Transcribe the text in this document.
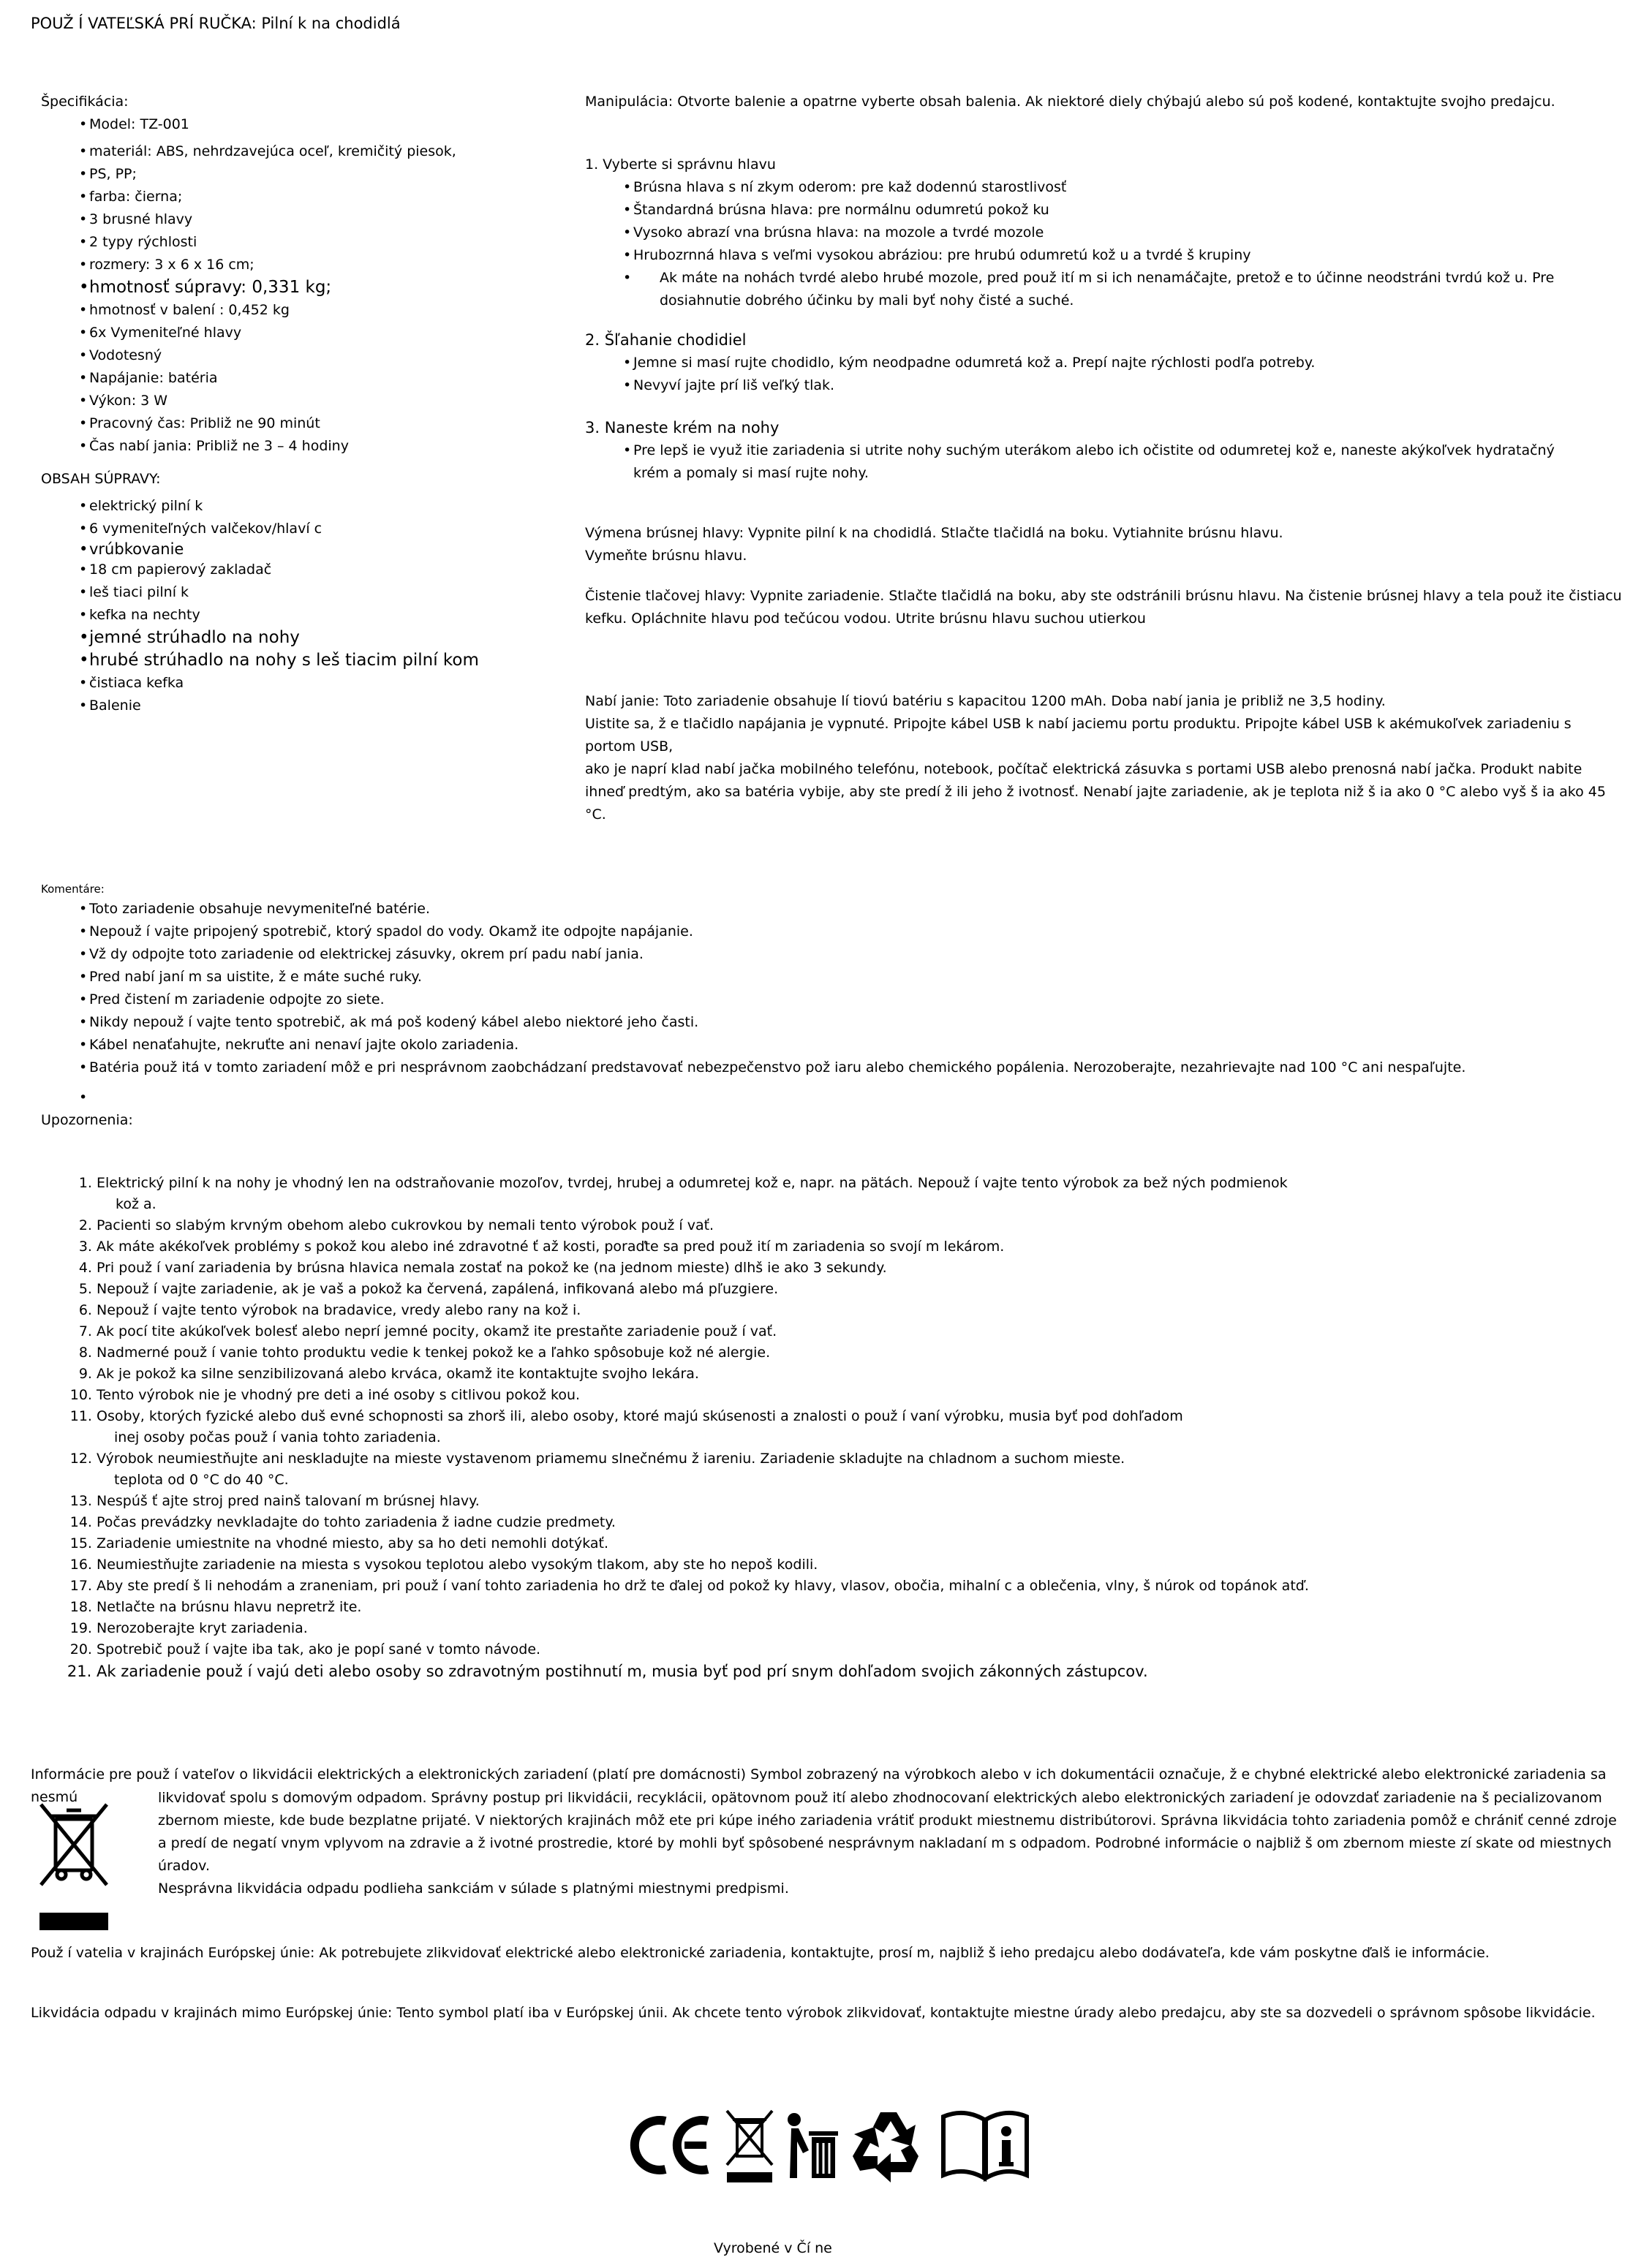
POUŽ Í VATEĽSKÁ PRÍ RUČKA: Pilní k na chodidlá
Špecifikácia:
• Model: TZ-001
• materiál: ABS, nehrdzavejúca oceľ, kremičitý piesok,
• PS, PP;
• farba: čierna;
• 3 brusné hlavy
• 2 typy rýchlosti
• rozmery: 3 x 6 x 16 cm;
• hmotnosť súpravy: 0,331 kg;
• hmotnosť v balení : 0,452 kg
• 6x Vymeniteľné hlavy
• Vodotesný
• Napájanie: batéria
• Výkon: 3 W
• Pracovný čas: Približ ne 90 minút
• Čas nabí jania: Približ ne 3 – 4 hodiny
OBSAH SÚPRAVY:
• elektrický pilní k
• 6 vymeniteľných valčekov/hlaví c
• vrúbkovanie
• 18 cm papierový zakladač
• leš tiaci pilní k
• kefka na nechty
• jemné strúhadlo na nohy
• hrubé strúhadlo na nohy s leš tiacim pilní kom
• čistiaca kefka
• Balenie
Manipulácia: Otvorte balenie a opatrne vyberte obsah balenia. Ak niektoré diely chýbajú alebo sú poš kodené, kontaktujte svojho predajcu.
1. Vyberte si správnu hlavu
• Brúsna hlava s ní zkym oderom: pre kaž dodennú starostlivosť
• Štandardná brúsna hlava: pre normálnu odumretú pokož ku
• Vysoko abrazí vna brúsna hlava: na mozole a tvrdé mozole
• Hrubozrnná hlava s veľmi vysokou abráziou: pre hrubú odumretú kož u a tvrdé š krupiny
• Ak máte na nohách tvrdé alebo hrubé mozole, pred použ ití m si ich nenamáčajte, pretož e to účinne neodstráni tvrdú kož u. Pre dosiahnutie dobrého účinku by mali byť nohy čisté a suché.
2. Šľahanie chodidiel
• Jemne si masí rujte chodidlo, kým neodpadne odumretá kož a. Prepí najte rýchlosti podľa potreby.
• Nevyví jajte prí liš veľký tlak.
3. Naneste krém na nohy
• Pre lepš ie využ itie zariadenia si utrite nohy suchým uterákom alebo ich očistite od odumretej kož e, naneste akýkoľvek hydratačný krém a pomaly si masí rujte nohy.
Výmena brúsnej hlavy: Vypnite pilní k na chodidlá. Stlačte tlačidlá na boku. Vytiahnite brúsnu hlavu.
Vymeňte brúsnu hlavu.
Čistenie tlačovej hlavy: Vypnite zariadenie. Stlačte tlačidlá na boku, aby ste odstránili brúsnu hlavu. Na čistenie brúsnej hlavy a tela použ ite čistiacu
kefku. Opláchnite hlavu pod tečúcou vodou. Utrite brúsnu hlavu suchou utierkou
Nabí janie: Toto zariadenie obsahuje lí tiovú batériu s kapacitou 1200 mAh. Doba nabí jania je približ ne 3,5 hodiny.
Uistite sa, ž e tlačidlo napájania je vypnuté. Pripojte kábel USB k nabí jaciemu portu produktu. Pripojte kábel USB k akémukoľvek zariadeniu s portom USB,
ako je naprí klad nabí jačka mobilného telefónu, notebook, počítač elektrická zásuvka s portami USB alebo prenosná nabí jačka. Produkt nabite
ihneď predtým, ako sa batéria vybije, aby ste predí ž ili jeho ž ivotnosť. Nenabí jajte zariadenie, ak je teplota niž š ia ako 0 °C alebo vyš š ia ako 45 °C.
Komentáre:
• Toto zariadenie obsahuje nevymeniteľné batérie.
• Nepouž í vajte pripojený spotrebič, ktorý spadol do vody. Okamž ite odpojte napájanie.
• Vž dy odpojte toto zariadenie od elektrickej zásuvky, okrem prí padu nabí jania.
• Pred nabí janí m sa uistite, ž e máte suché ruky.
• Pred čistení m zariadenie odpojte zo siete.
• Nikdy nepouž í vajte tento spotrebič, ak má poš kodený kábel alebo niektoré jeho časti.
• Kábel nenaťahujte, nekruťte ani nenaví jajte okolo zariadenia.
• Batéria použ itá v tomto zariadení môž e pri nesprávnom zaobchádzaní predstavovať nebezpečenstvo pož iaru alebo chemického popálenia. Nerozoberajte, nezahrievajte nad 100 °C ani nespaľujte.
•
Upozornenia:
1. Elektrický pilní k na nohy je vhodný len na odstraňovanie mozoľov, tvrdej, hrubej a odumretej kož e, napr. na pätách. Nepouž í vajte tento výrobok za bež ných podmienok
kož a.
2. Pacienti so slabým krvným obehom alebo cukrovkou by nemali tento výrobok použ í vať.
3. Ak máte akékoľvek problémy s pokož kou alebo iné zdravotné ť až kosti, poraďte sa pred použ ití m zariadenia so svojí m lekárom.
4. Pri použ í vaní zariadenia by brúsna hlavica nemala zostať na pokož ke (na jednom mieste) dlhš ie ako 3 sekundy.
5. Nepouž í vajte zariadenie, ak je vaš a pokož ka červená, zapálená, infikovaná alebo má pľuzgiere.
6. Nepouž í vajte tento výrobok na bradavice, vredy alebo rany na kož i.
7. Ak pocí tite akúkoľvek bolesť alebo neprí jemné pocity, okamž ite prestaňte zariadenie použ í vať.
8. Nadmerné použ í vanie tohto produktu vedie k tenkej pokož ke a ľahko spôsobuje kož né alergie.
9. Ak je pokož ka silne senzibilizovaná alebo krváca, okamž ite kontaktujte svojho lekára.
10. Tento výrobok nie je vhodný pre deti a iné osoby s citlivou pokož kou.
11. Osoby, ktorých fyzické alebo duš evné schopnosti sa zhorš ili, alebo osoby, ktoré majú skúsenosti a znalosti o použ í vaní výrobku, musia byť pod dohľadom
inej osoby počas použ í vania tohto zariadenia.
12. Výrobok neumiestňujte ani neskladujte na mieste vystavenom priamemu slnečnému ž iareniu. Zariadenie skladujte na chladnom a suchom mieste.
teplota od 0 °C do 40 °C.
13. Nespúš ť ajte stroj pred nainš talovaní m brúsnej hlavy.
14. Počas prevádzky nevkladajte do tohto zariadenia ž iadne cudzie predmety.
15. Zariadenie umiestnite na vhodné miesto, aby sa ho deti nemohli dotýkať.
16. Neumiestňujte zariadenie na miesta s vysokou teplotou alebo vysokým tlakom, aby ste ho nepoš kodili.
17. Aby ste predí š li nehodám a zraneniam, pri použ í vaní tohto zariadenia ho drž te ďalej od pokož ky hlavy, vlasov, obočia, mihalní c a oblečenia, vlny, š núrok od topánok atď.
18. Netlačte na brúsnu hlavu nepretrž ite.
19. Nerozoberajte kryt zariadenia.
20. Spotrebič použ í vajte iba tak, ako je popí sané v tomto návode.
21. Ak zariadenie použ í vajú deti alebo osoby so zdravotným postihnutí m, musia byť pod prí snym dohľadom svojich zákonných zástupcov.
Informácie pre použ í vateľov o likvidácii elektrických a elektronických zariadení (platí pre domácnosti) Symbol zobrazený na výrobkoch alebo v ich dokumentácii označuje, ž e chybné elektrické alebo elektronické zariadenia sa nesmú	likvidovať spolu s domovým odpadom. Správny postup pri likvidácii, recyklácii, opätovnom použ ití alebo zhodnocovaní elektrických alebo elektronických zariadení je odovzdať zariadenie na š pecializovanom
zbernom mieste, kde bude bezplatne prijaté. V niektorých krajinách môž ete pri kúpe iného zariadenia vrátiť produkt miestnemu distribútorovi. Správna likvidácia tohto zariadenia pomôž e chrániť cenné zdroje
a predí de negatí vnym vplyvom na zdravie a ž ivotné prostredie, ktoré by mohli byť spôsobené nesprávnym nakladaní m s odpadom. Podrobné informácie o najbliž š om zbernom mieste zí skate od miestnych úradov.
Nesprávna likvidácia odpadu podlieha sankciám v súlade s platnými miestnymi predpismi.
Použ í vatelia v krajinách Európskej únie: Ak potrebujete zlikvidovať elektrické alebo elektronické zariadenia, kontaktujte, prosí m, najbliž š ieho predajcu alebo dodávateľa, kde vám poskytne ďalš ie informácie.
Likvidácia odpadu v krajinách mimo Európskej únie: Tento symbol platí iba v Európskej únii. Ak chcete tento výrobok zlikvidovať, kontaktujte miestne úrady alebo predajcu, aby ste sa dozvedeli o správnom spôsobe likvidácie.
Vyrobené v Čí ne
